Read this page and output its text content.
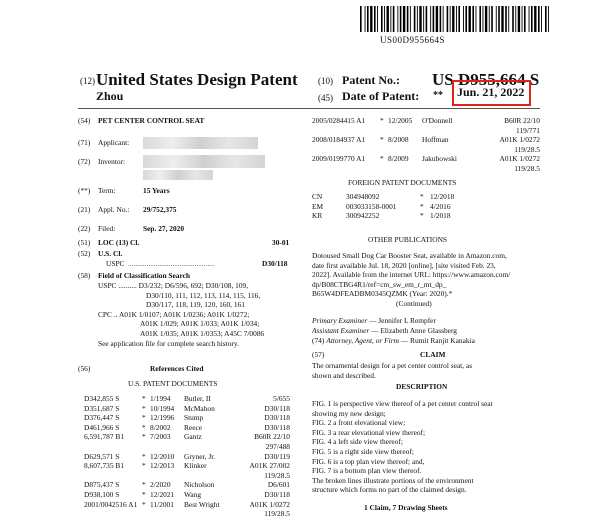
US00D955664S
(12) United States Design Patent
Zhou
(10) Patent No.: US D955,664 S
(45) Date of Patent: ** Jun. 21, 2022
(54) PET CENTER CONTROL SEAT
(71) Applicant:
(72) Inventor:
(**) Term:	15 Years
(21) Appl. No.: 29/752,375
(22) Filed:	Sep. 27, 2020
(51) LOC (13) Cl.	30-01
(52) U.S. Cl.
USPC ...............................................	D30/118
(58) Field of Classification Search
USPC .......... D3/232; D6/596, 692; D30/108, 109,
D30/110, 111, 112, 113, 114, 115, 116,
D30/117, 118, 119, 120, 160, 161
CPC .. A01K 1/0107; A01K 1/0236; A01K 1/0272;
A01K 1/029; A01K 1/033; A01K 1/034;
A01K 1/035; A01K 1/0353; A45C 7/0086
See application file for complete search history.
(56)	References Cited
U.S. PATENT DOCUMENTS
D342,855 S	* 1/1994 Butler, II	5/655
D351,687 S	* 10/1994 McMahon	D30/118
D376,447 S	* 12/1996 Stump	D30/118
D461,966 S	* 8/2002 Reece	D30/118
6,591,787 B1 * 7/2003 Gantz	B60R 22/10
297/488
D629,571 S	* 12/2010 Gryner, Jr.	D30/119
8,607,735 B1 * 12/2013 Klinker	A01K 27/002
119/28.5
D875,437 S	* 2/2020 Nicholson	D6/601
D938,100 S	* 12/2021 Wang	D30/118
2001/0042516 A1 * 11/2001 Best Wright	A01K 1/0272
119/28.5
2005/0284415 A1 * 12/2005 O'Donnell	B60R 22/10
119/771
2008/0184937 A1 * 8/2008 Hoffman	A01K 1/0272
119/28.5
2009/0199770 A1 * 8/2009 Jakubowski	A01K 1/0272
119/28.5
FOREIGN PATENT DOCUMENTS
CN	304948092	* 12/2018
EM	003033158-0001	* 4/2016
KR	300942252	* 1/2018
OTHER PUBLICATIONS
Dotoused Small Dog Car Booster Seat, available in Amazon.com,
date first available Jul. 18, 2020 [online], [site visited Feb. 23,
2022]. Available from the internet URL: https://www.amazon.com/
dp/B08CTBG4R1/ref=cm_sw_em_r_mt_dp_
B65W4DFEADBM0345QZMK (Year: 2020).*
(Continued)
Primary Examiner — Jennifer L Rempfer
Assistant Examiner — Elizabeth Anne Glassberg
(74) Attorney, Agent, or Firm — Rumit Ranjit Kanakia
(57)	CLAIM
The ornamental design for a pet center control seat, as
shown and described.
DESCRIPTION
FIG. 1 is perspective view thereof of a pet center control seat
showing my new design;
FIG. 2 a front elevational view;
FIG. 3 a rear elevational view thereof;
FIG. 4 a left side view thereof;
FIG. 5 is a right side view thereof;
FIG. 6 is a top plan view thereof; and,
FIG. 7 is a bottom plan view thereof.
The broken lines illustrate portions of the environment
structure which forms no part of the claimed design.
1 Claim, 7 Drawing Sheets
